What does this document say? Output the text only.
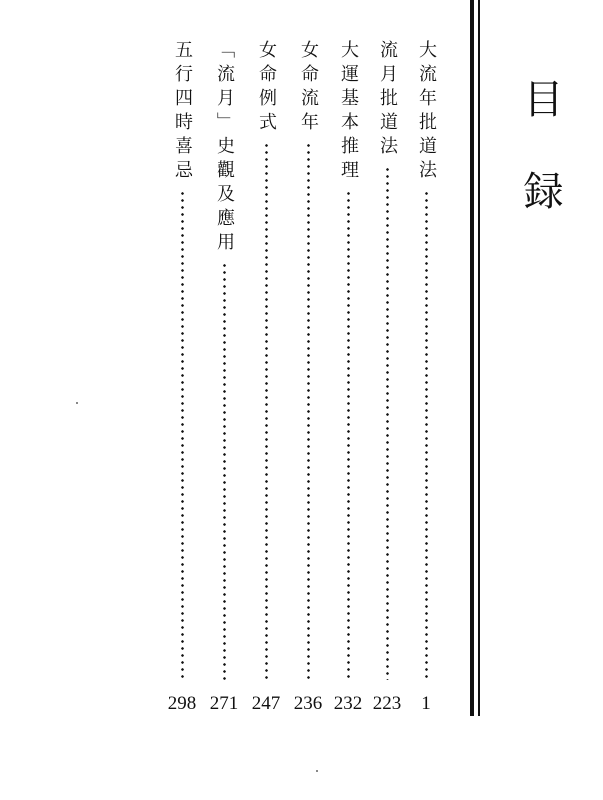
目録
大流年批道法
1
流月批道法
223
大運基本推理
232
女命流年
236
女命例式
247
「流月」史觀及應用
271
五行四時喜忌
298
